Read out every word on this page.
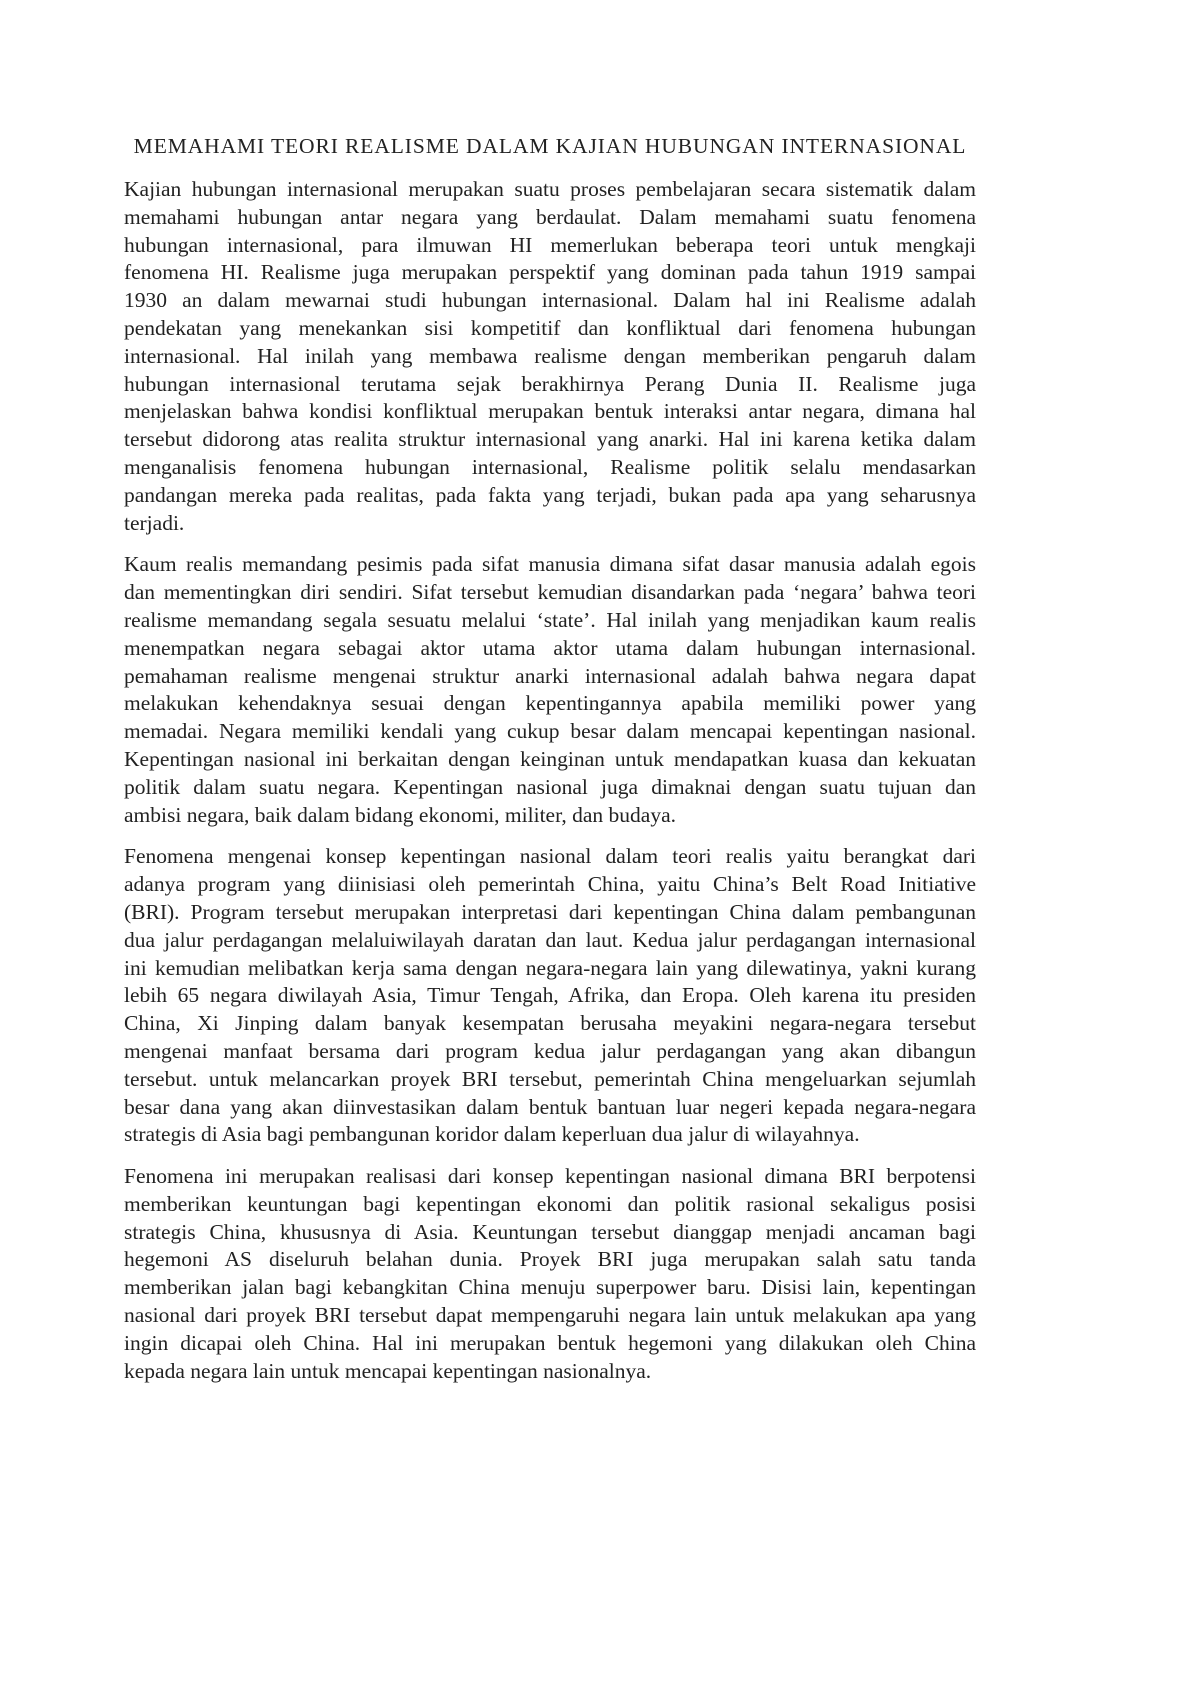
MEMAHAMI TEORI REALISME DALAM KAJIAN HUBUNGAN INTERNASIONAL
Kajian hubungan internasional merupakan suatu proses pembelajaran secara sistematik dalam
memahami hubungan antar negara yang berdaulat. Dalam memahami suatu fenomena
hubungan internasional, para ilmuwan HI memerlukan beberapa teori untuk mengkaji
fenomena HI. Realisme juga merupakan perspektif yang dominan pada tahun 1919 sampai
1930 an dalam mewarnai studi hubungan internasional. Dalam hal ini Realisme adalah
pendekatan yang menekankan sisi kompetitif dan konfliktual dari fenomena hubungan
internasional. Hal inilah yang membawa realisme dengan memberikan pengaruh dalam
hubungan internasional terutama sejak berakhirnya Perang Dunia II. Realisme juga
menjelaskan bahwa kondisi konfliktual merupakan bentuk interaksi antar negara, dimana hal
tersebut didorong atas realita struktur internasional yang anarki. Hal ini karena ketika dalam
menganalisis fenomena hubungan internasional, Realisme politik selalu mendasarkan
pandangan mereka pada realitas, pada fakta yang terjadi, bukan pada apa yang seharusnya
terjadi.
Kaum realis memandang pesimis pada sifat manusia dimana sifat dasar manusia adalah egois
dan mementingkan diri sendiri. Sifat tersebut kemudian disandarkan pada ‘negara’ bahwa teori
realisme memandang segala sesuatu melalui ‘state’. Hal inilah yang menjadikan kaum realis
menempatkan negara sebagai aktor utama aktor utama dalam hubungan internasional.
pemahaman realisme mengenai struktur anarki internasional adalah bahwa negara dapat
melakukan kehendaknya sesuai dengan kepentingannya apabila memiliki power yang
memadai. Negara memiliki kendali yang cukup besar dalam mencapai kepentingan nasional.
Kepentingan nasional ini berkaitan dengan keinginan untuk mendapatkan kuasa dan kekuatan
politik dalam suatu negara. Kepentingan nasional juga dimaknai dengan suatu tujuan dan
ambisi negara, baik dalam bidang ekonomi, militer, dan budaya.
Fenomena mengenai konsep kepentingan nasional dalam teori realis yaitu berangkat dari
adanya program yang diinisiasi oleh pemerintah China, yaitu China’s Belt Road Initiative
(BRI). Program tersebut merupakan interpretasi dari kepentingan China dalam pembangunan
dua jalur perdagangan melaluiwilayah daratan dan laut. Kedua jalur perdagangan internasional
ini kemudian melibatkan kerja sama dengan negara-negara lain yang dilewatinya, yakni kurang
lebih 65 negara diwilayah Asia, Timur Tengah, Afrika, dan Eropa. Oleh karena itu presiden
China, Xi Jinping dalam banyak kesempatan berusaha meyakini negara-negara tersebut
mengenai manfaat bersama dari program kedua jalur perdagangan yang akan dibangun
tersebut. untuk melancarkan proyek BRI tersebut, pemerintah China mengeluarkan sejumlah
besar dana yang akan diinvestasikan dalam bentuk bantuan luar negeri kepada negara-negara
strategis di Asia bagi pembangunan koridor dalam keperluan dua jalur di wilayahnya.
Fenomena ini merupakan realisasi dari konsep kepentingan nasional dimana BRI berpotensi
memberikan keuntungan bagi kepentingan ekonomi dan politik rasional sekaligus posisi
strategis China, khususnya di Asia. Keuntungan tersebut dianggap menjadi ancaman bagi
hegemoni AS diseluruh belahan dunia. Proyek BRI juga merupakan salah satu tanda
memberikan jalan bagi kebangkitan China menuju superpower baru. Disisi lain, kepentingan
nasional dari proyek BRI tersebut dapat mempengaruhi negara lain untuk melakukan apa yang
ingin dicapai oleh China. Hal ini merupakan bentuk hegemoni yang dilakukan oleh China
kepada negara lain untuk mencapai kepentingan nasionalnya.
